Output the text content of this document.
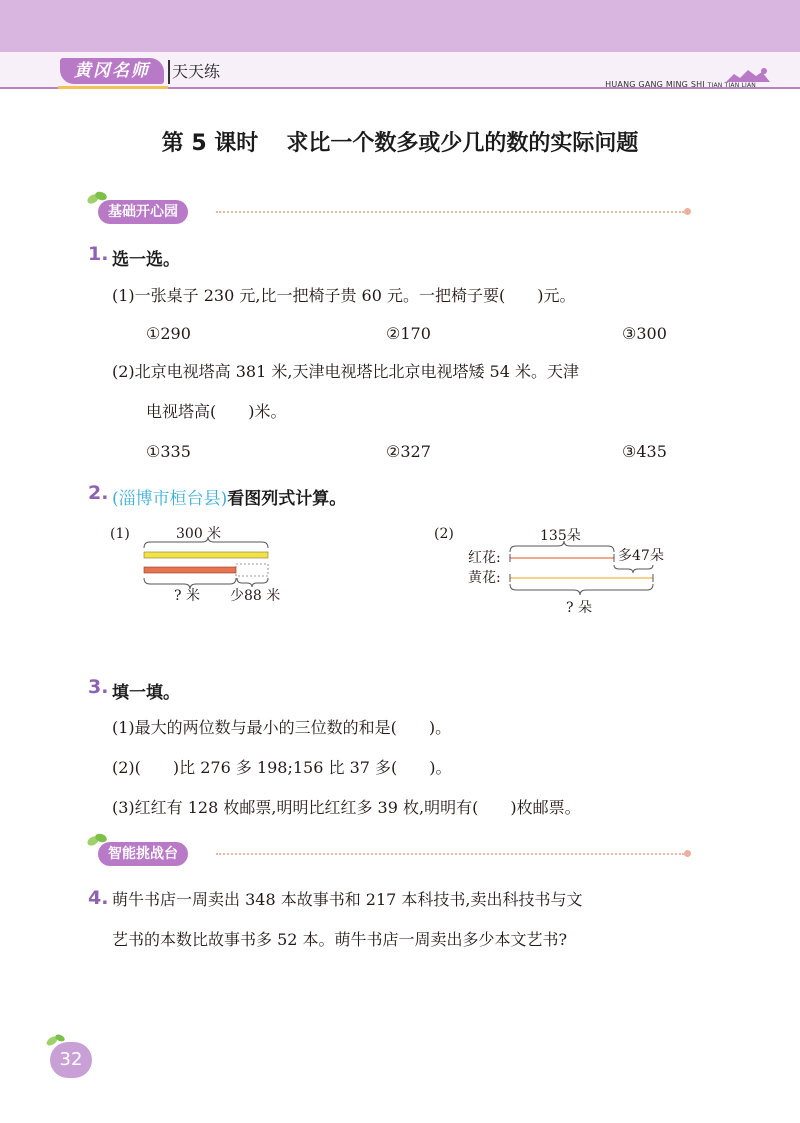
黄冈名师	天天练
HUANG GANG MING SHI TIAN TIAN LIAN
第 5 课时 求比一个数多或少几的数的实际问题
基础开心园
1. 选一选。
(1)一张桌子 230 元,比一把椅子贵 60 元。一把椅子要(　　)元。
①290	②170	③300
(2)北京电视塔高 381 米,天津电视塔比北京电视塔矮 54 米。天津
电视塔高(　　)米。
①335	②327	③435
2. (淄博市桓台县)看图列式计算。
(1)	300 米
? 米 少88 米
(2)	135朵
红花:	多47朵
黄花:
? 朵
3. 填一填。
(1)最大的两位数与最小的三位数的和是(　　)。
(2)(　　)比 276 多 198;156 比 37 多(　　)。
(3)红红有 128 枚邮票,明明比红红多 39 枚,明明有(　　)枚邮票。
智能挑战台
4. 萌牛书店一周卖出 348 本故事书和 217 本科技书,卖出科技书与文
艺书的本数比故事书多 52 本。萌牛书店一周卖出多少本文艺书?
32
